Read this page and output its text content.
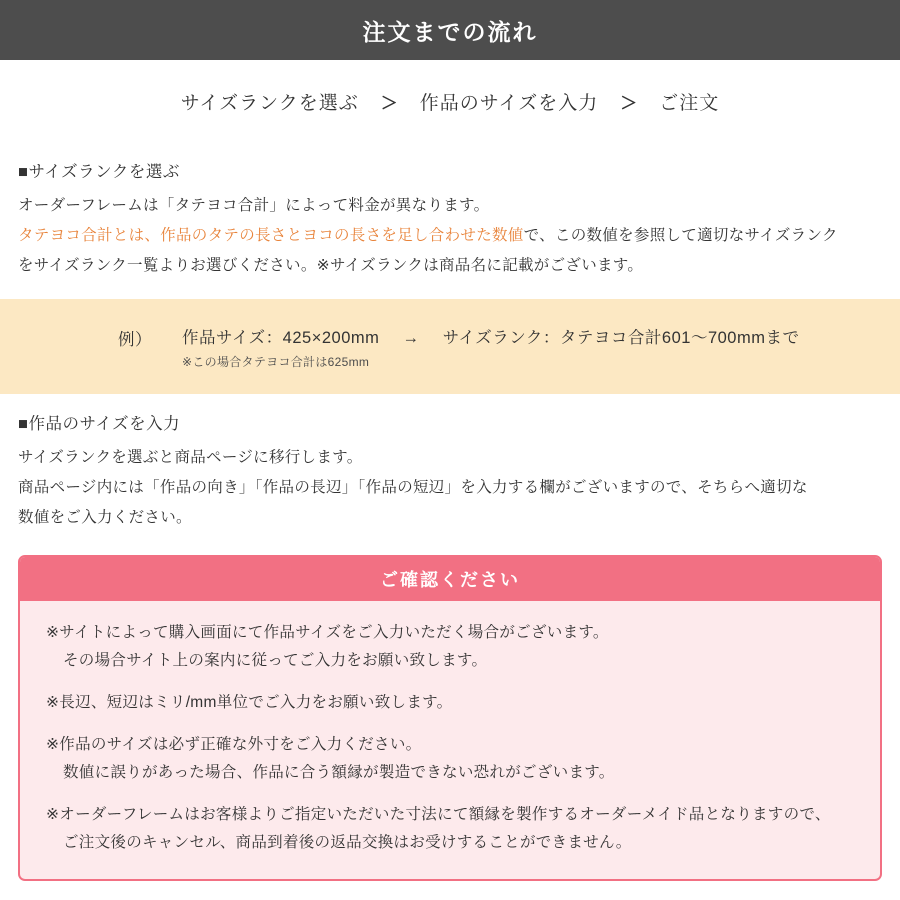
注文までの流れ
サイズランクを選ぶ	＞	作品のサイズを入力	＞	ご注文
■サイズランクを選ぶ
オーダーフレームは「タテヨコ合計」によって料金が異なります。
タテヨコ合計とは、作品のタテの長さとヨコの長さを足し合わせた数値で、この数値を参照して適切なサイズランク
をサイズランク一覧よりお選びください。※サイズランクは商品名に記載がございます。
例） 作品サイズ：425×200mm → サイズランク：タテヨコ合計601〜700mmまで
※この場合タテヨコ合計は625mm
■作品のサイズを入力
サイズランクを選ぶと商品ページに移行します。
商品ページ内には「作品の向き」「作品の長辺」「作品の短辺」を入力する欄がございますので、そちらへ適切な
数値をご入力ください。
ご確認ください
※サイトによって購入画面にて作品サイズをご入力いただく場合がございます。
その場合サイト上の案内に従ってご入力をお願い致します。
※長辺、短辺はミリ/mm単位でご入力をお願い致します。
※作品のサイズは必ず正確な外寸をご入力ください。
数値に誤りがあった場合、作品に合う額縁が製造できない恐れがございます。
※オーダーフレームはお客様よりご指定いただいた寸法にて額縁を製作するオーダーメイド品となりますので、
ご注文後のキャンセル、商品到着後の返品交換はお受けすることができません。
